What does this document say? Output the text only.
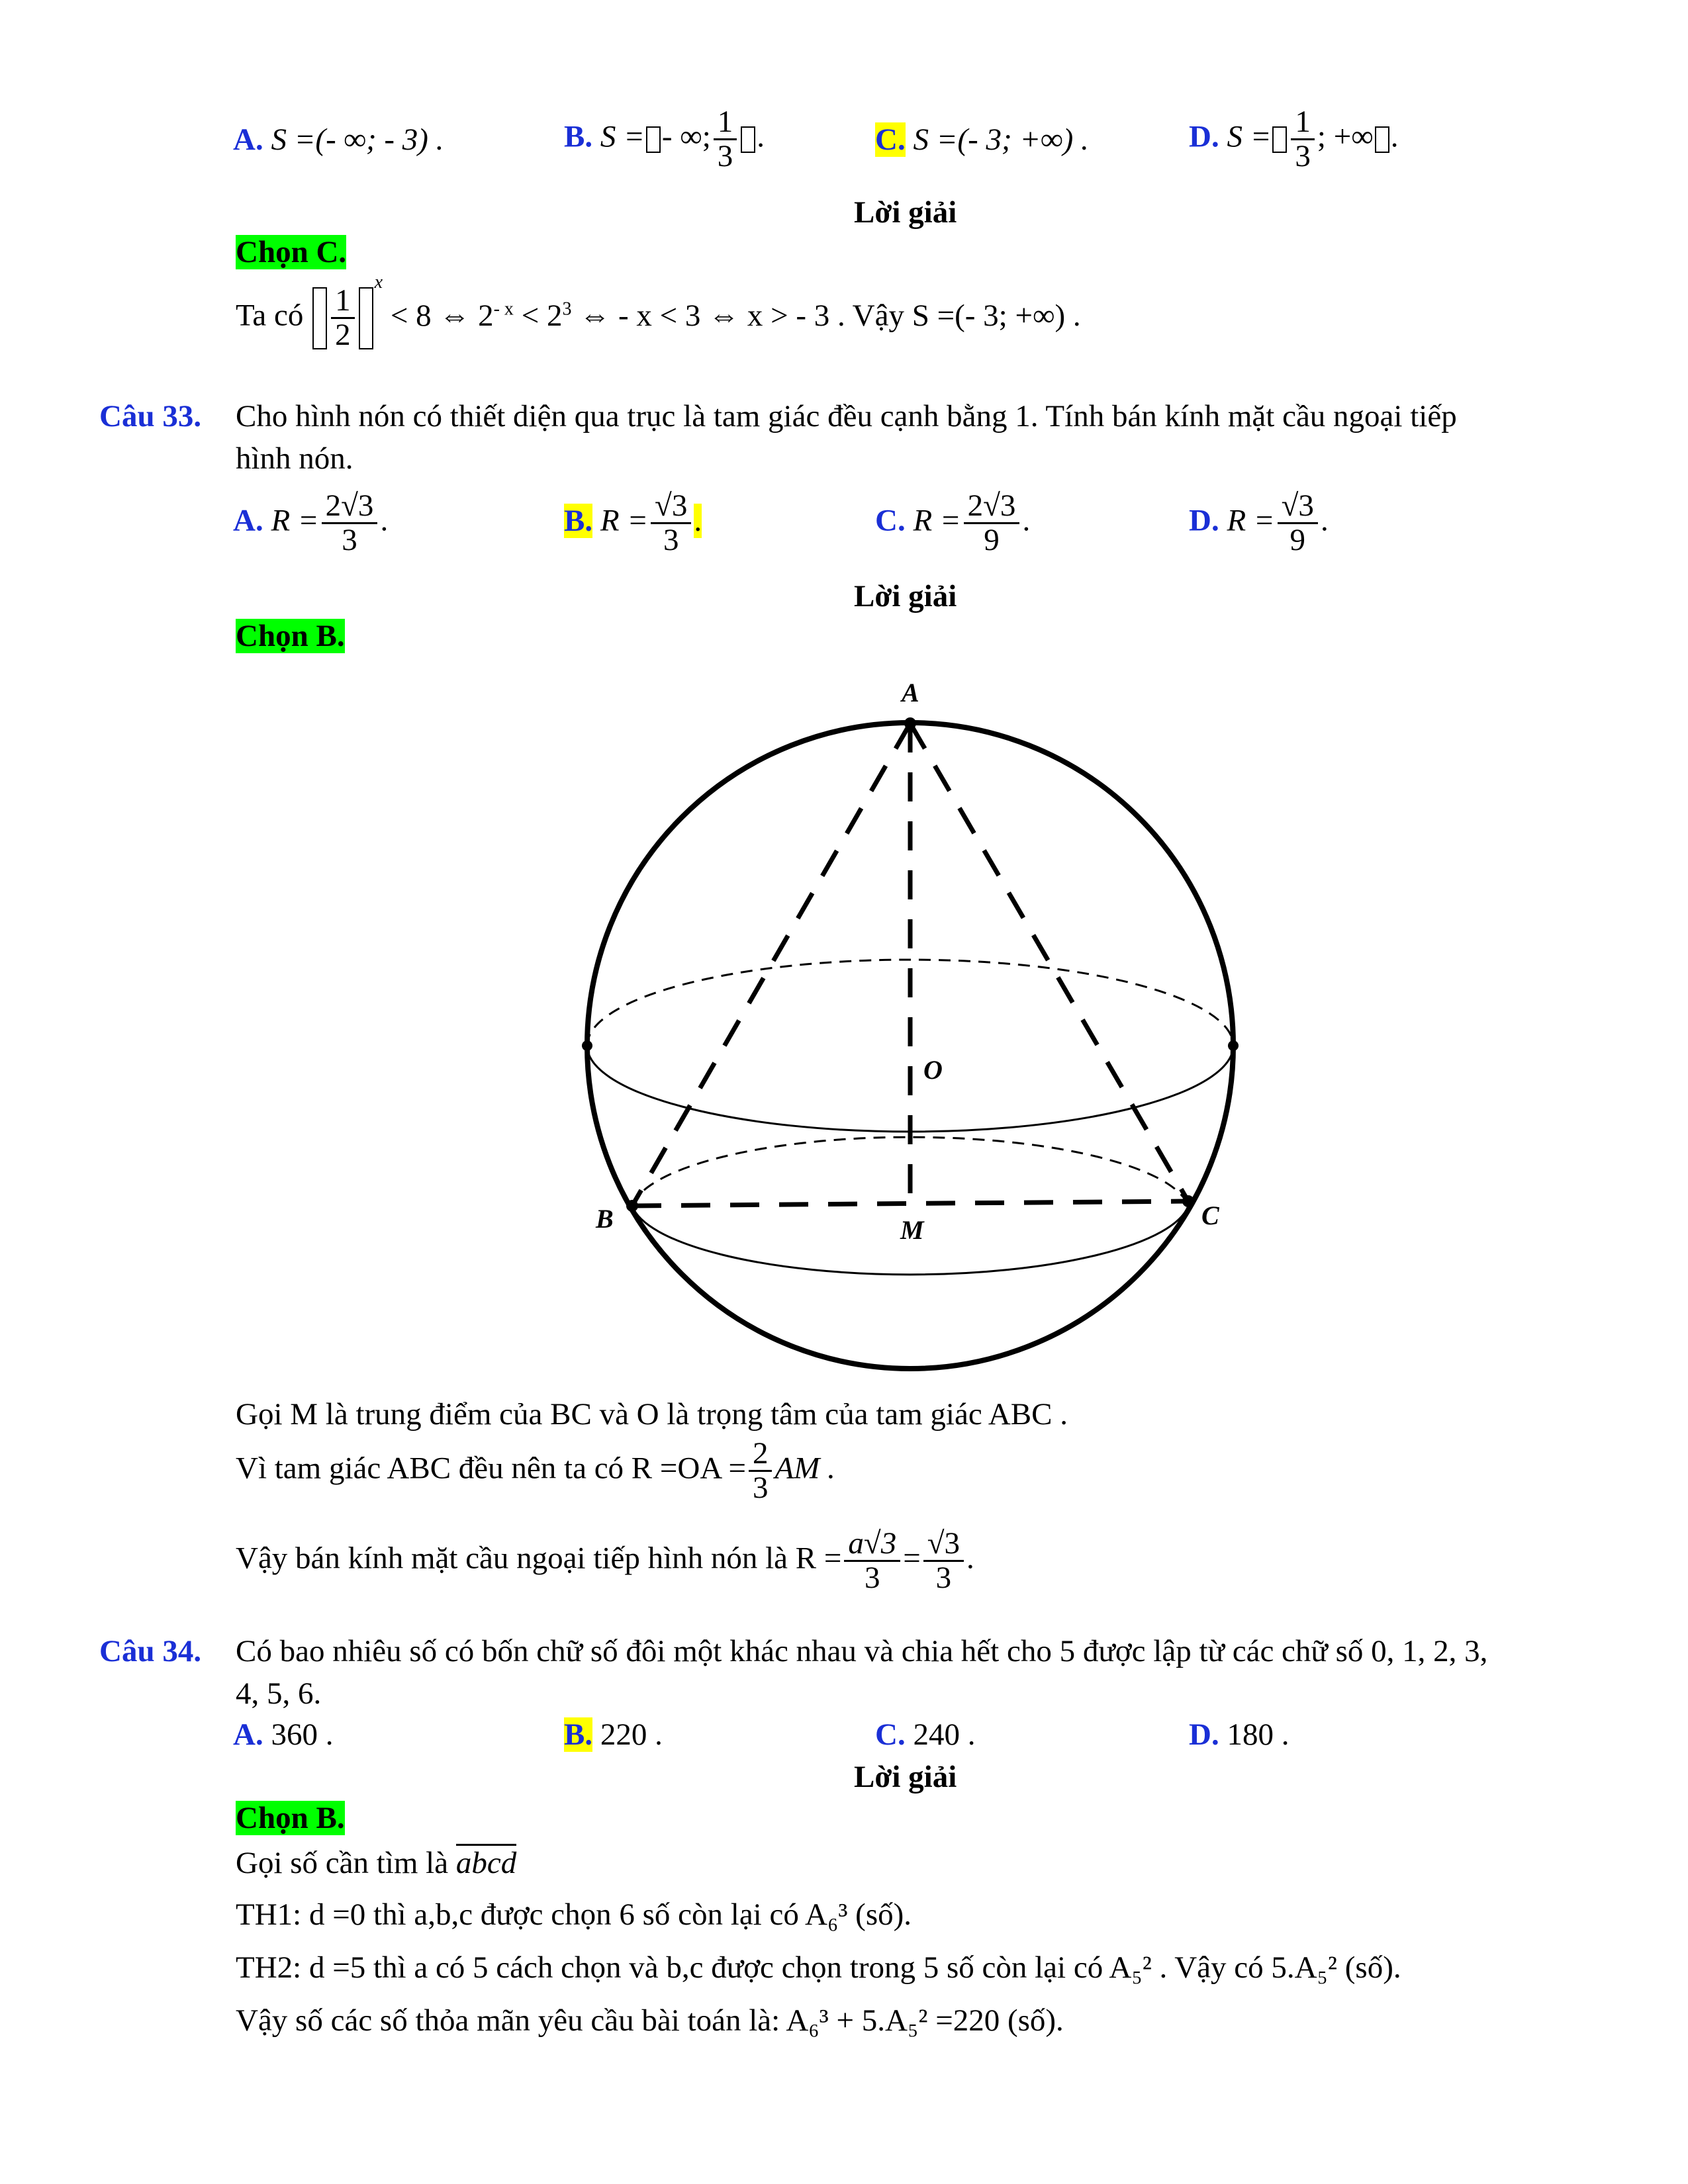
A. S =(- ∞; - 3) .	B. S = - ∞; $\frac{1}{3}$ .	C. S =(- 3; +∞) .	D. $S = \frac{1}{3}$ ; +∞ .
Lời giải
Chọn C.
Ta có $\frac{1}{2}$
$^x$ < 8 ⇔ $2^{- x} < 2^3$ ⇔ - x < 3 ⇔ x > - 3 . Vậy S =(- 3; +∞) .
Câu 33. Cho hình nón có thiết diện qua trục là tam giác đều cạnh bằng 1. Tính bán kính mặt cầu ngoại tiếp
hình nón.
A. $R = \frac{2√3}{3}$ .	B. $R = \frac{√3}{3}$ .	C. $R = \frac{2√3}{9}$ .	D. $R = \frac{√3}{9}$ .
Lời giải
Chọn B.
A
B	C
O
M
Gọi M là trung điểm của BC và O là trọng tâm của tam giác ABC .
Vì tam giác ABC đều nên ta có $R =OA = \frac{2}{3}$ AM .
Vậy bán kính mặt cầu ngoại tiếp hình nón là $R = \frac{a√3}{3} = \frac{√3}{3}$ .
Câu 34. Có bao nhiêu số có bốn chữ số đôi một khác nhau và chia hết cho 5 được lập từ các chữ số 0, 1, 2, 3,
4, 5, 6.
A. 360 .	B. 220 .	C. 240 .	D. 180 .
Lời giải
Chọn B.
Gọi số cần tìm là abcd
TH1: d =0 thì a,b,c được chọn 6 số còn lại có A₆³ (số).
TH2: d =5 thì a có 5 cách chọn và b,c được chọn trong 5 số còn lại có A₅² . Vậy có 5.A₅² (số).
Vậy số các số thỏa mãn yêu cầu bài toán là: A₆³ + 5.A₅² =220 (số).
